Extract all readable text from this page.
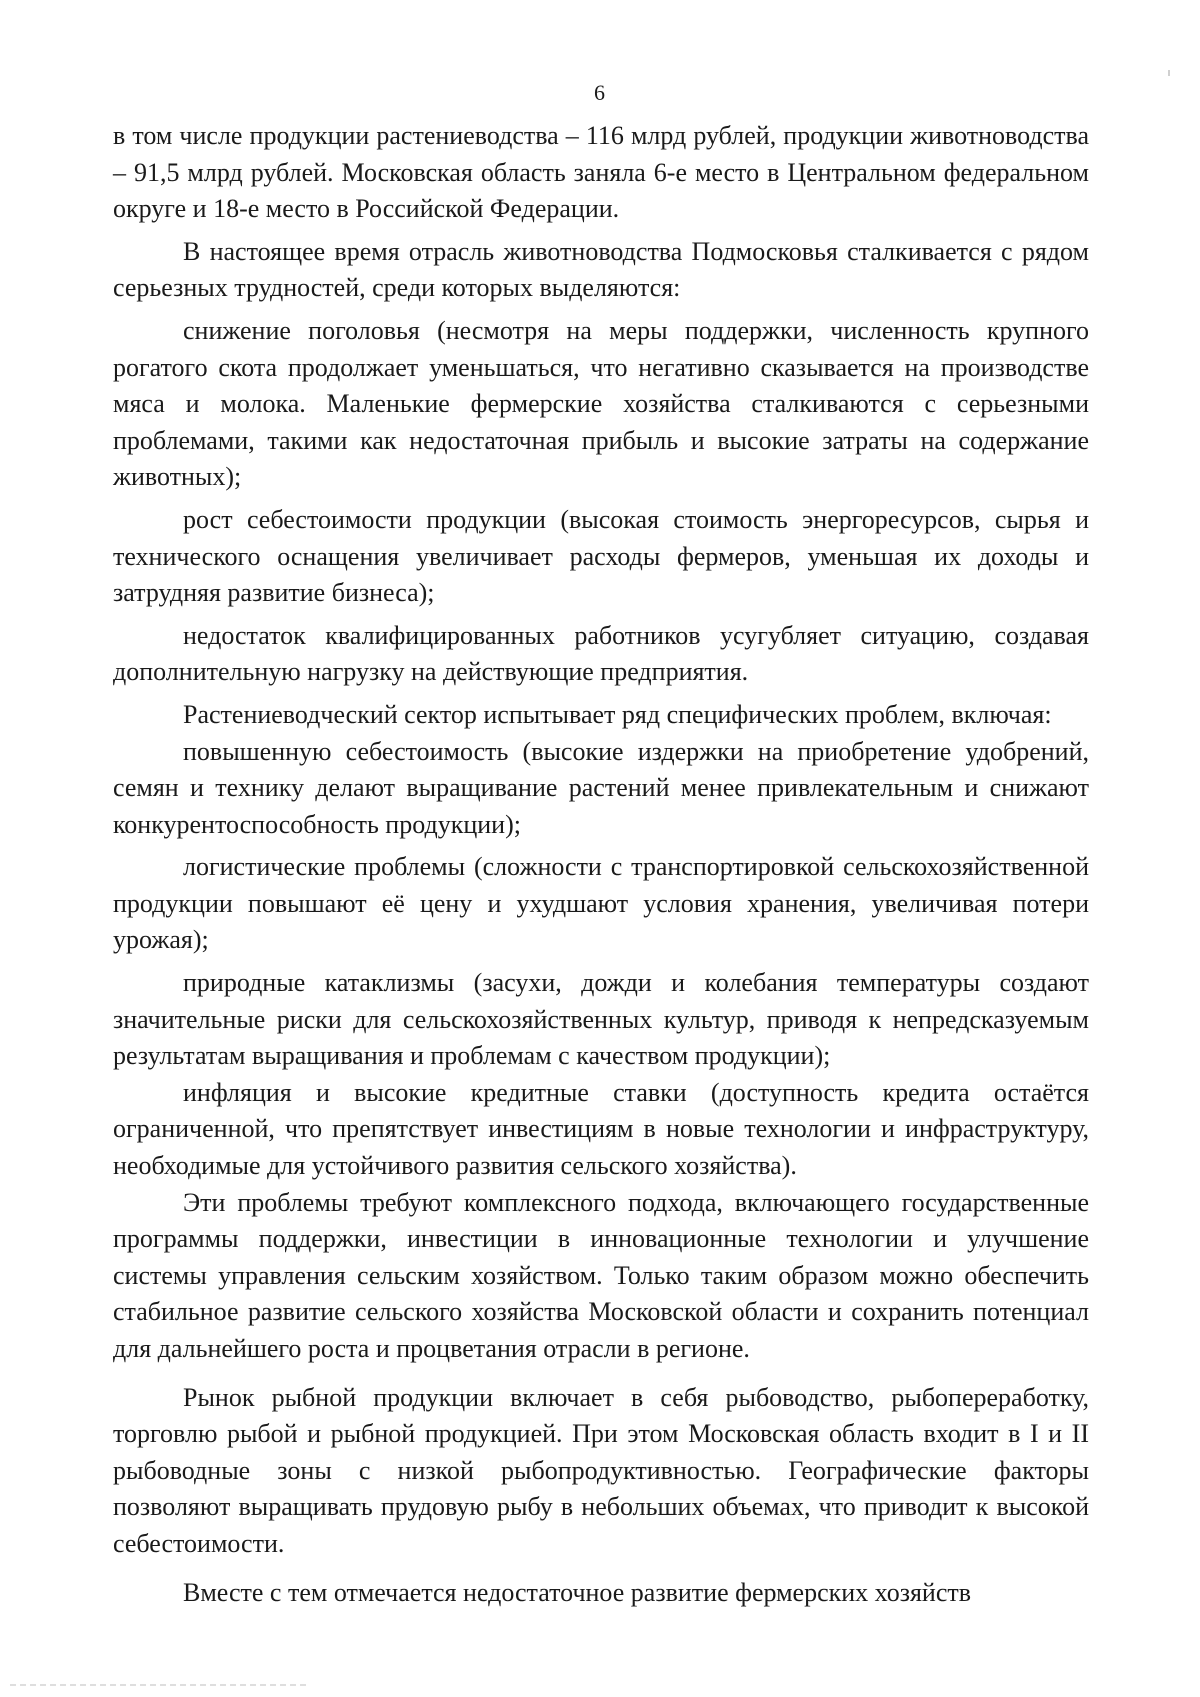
6

в том числе продукции растениеводства – 116 млрд рублей, продукции животноводства – 91,5 млрд рублей. Московская область заняла 6-е место в Центральном федеральном округе и 18-е место в Российской Федерации.

В настоящее время отрасль животноводства Подмосковья сталкивается с рядом серьезных трудностей, среди которых выделяются:

снижение поголовья (несмотря на меры поддержки, численность крупного рогатого скота продолжает уменьшаться, что негативно сказывается на производстве мяса и молока. Маленькие фермерские хозяйства сталкиваются с серьезными проблемами, такими как недостаточная прибыль и высокие затраты на содержание животных);

рост себестоимости продукции (высокая стоимость энергоресурсов, сырья и технического оснащения увеличивает расходы фермеров, уменьшая их доходы и затрудняя развитие бизнеса);

недостаток квалифицированных работников усугубляет ситуацию, создавая дополнительную нагрузку на действующие предприятия.

Растениеводческий сектор испытывает ряд специфических проблем, включая:

повышенную себестоимость (высокие издержки на приобретение удобрений, семян и технику делают выращивание растений менее привлекательным и снижают конкурентоспособность продукции);

логистические проблемы (сложности с транспортировкой сельскохозяйственной продукции повышают её цену и ухудшают условия хранения, увеличивая потери урожая);

природные катаклизмы (засухи, дожди и колебания температуры создают значительные риски для сельскохозяйственных культур, приводя к непредсказуемым результатам выращивания и проблемам с качеством продукции);

инфляция и высокие кредитные ставки (доступность кредита остаётся ограниченной, что препятствует инвестициям в новые технологии и инфраструктуру, необходимые для устойчивого развития сельского хозяйства).

Эти проблемы требуют комплексного подхода, включающего государственные программы поддержки, инвестиции в инновационные технологии и улучшение системы управления сельским хозяйством. Только таким образом можно обеспечить стабильное развитие сельского хозяйства Московской области и сохранить потенциал для дальнейшего роста и процветания отрасли в регионе.

Рынок рыбной продукции включает в себя рыбоводство, рыбопереработку, торговлю рыбой и рыбной продукцией. При этом Московская область входит в I и II рыбоводные зоны с низкой рыбопродуктивностью. Географические факторы позволяют выращивать прудовую рыбу в небольших объемах, что приводит к высокой себестоимости.

Вместе с тем отмечается недостаточное развитие фермерских хозяйств
